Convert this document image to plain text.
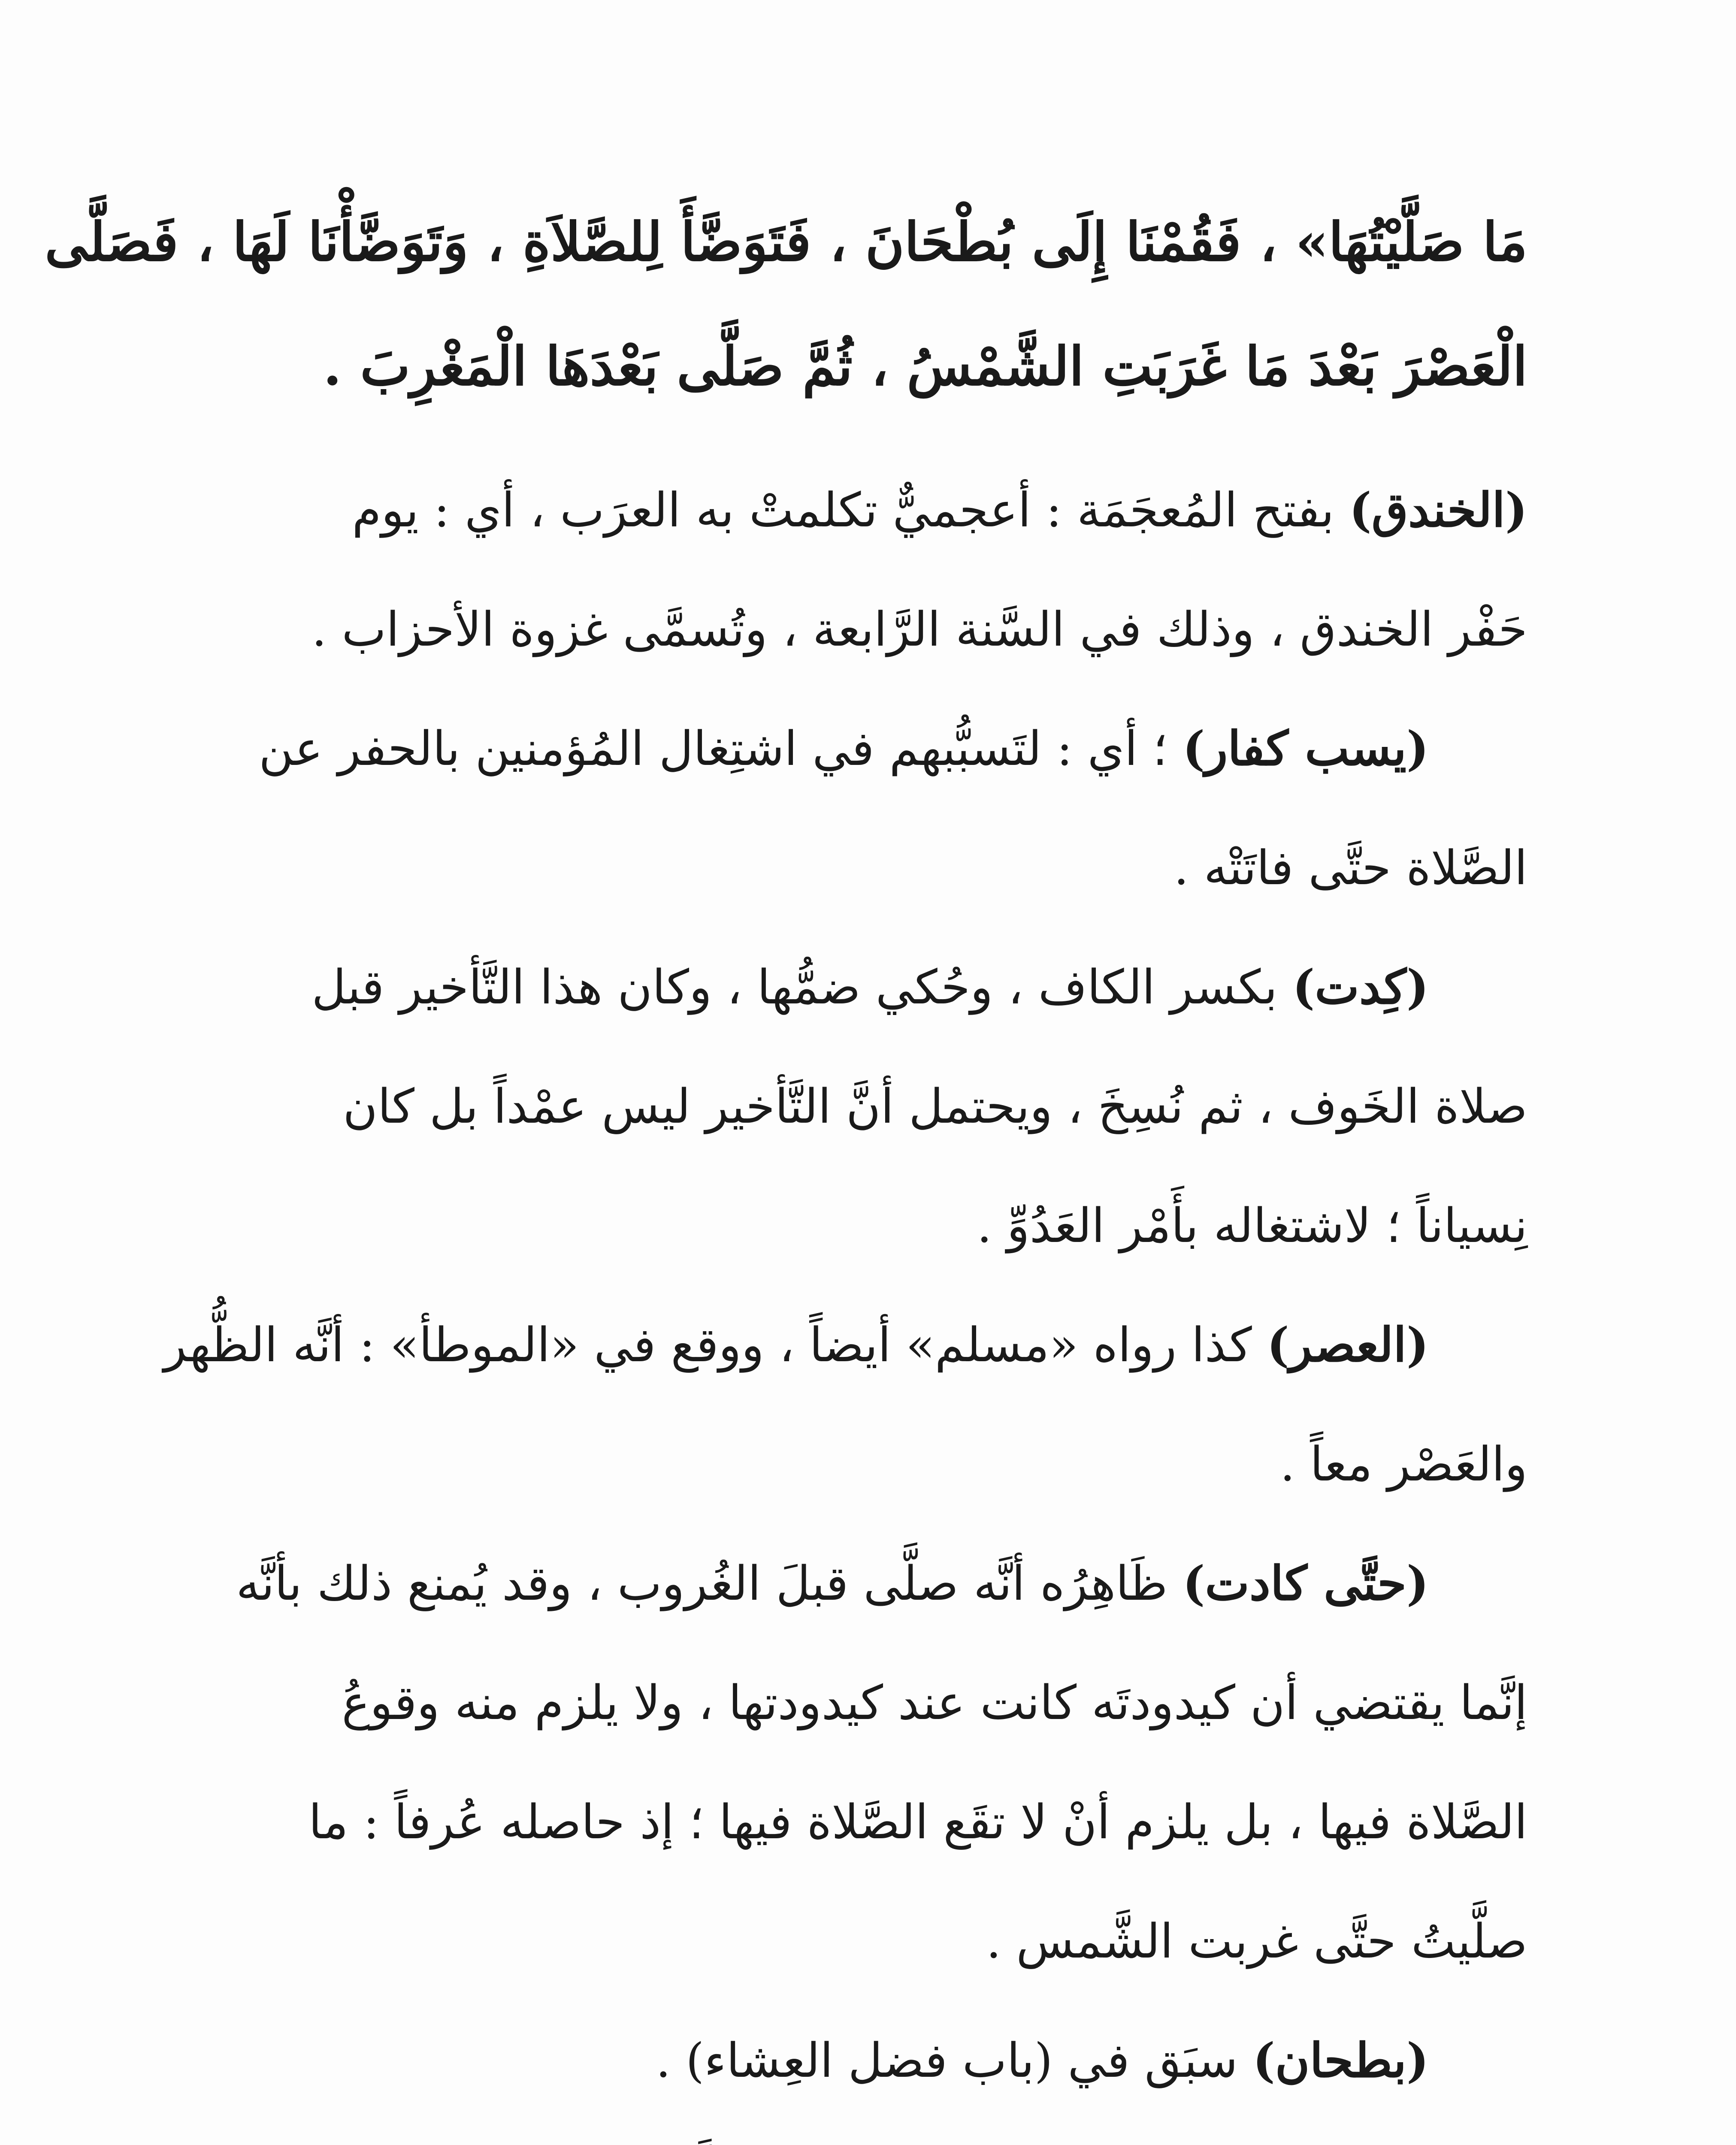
مَا صَلَّيْتُهَا» ، فَقُمْنَا إِلَى بُطْحَانَ ، فَتَوَضَّأَ لِلصَّلاَةِ ، وَتَوَضَّأْنَا لَهَا ، فَصَلَّى
الْعَصْرَ بَعْدَ مَا غَرَبَتِ الشَّمْسُ ، ثُمَّ صَلَّى بَعْدَهَا الْمَغْرِبَ .
(الخندق) بفتح المُعجَمَة : أعجميٌّ تكلمتْ به العرَب ، أي : يوم
حَفْر الخندق ، وذلك في السَّنة الرَّابعة ، وتُسمَّى غزوة الأحزاب .
(يسب كفار) ؛ أي : لتَسبُّبهم في اشتِغال المُؤمنين بالحفر عن
الصَّلاة حتَّى فاتَتْه .
(كِدت) بكسر الكاف ، وحُكي ضمُّها ، وكان هذا التَّأخير قبل
صلاة الخَوف ، ثم نُسِخَ ، ويحتمل أنَّ التَّأخير ليس عمْداً بل كان
نِسياناً ؛ لاشتغاله بأَمْر العَدُوِّ .
(العصر) كذا رواه «مسلم» أيضاً ، ووقع في «الموطأ» : أنَّه الظُّهر
والعَصْر معاً .
(حتَّى كادت) ظَاهِرُه أنَّه صلَّى قبلَ الغُروب ، وقد يُمنع ذلك بأنَّه
إنَّما يقتضي أن كيدودتَه كانت عند كيدودتها ، ولا يلزم منه وقوعُ
الصَّلاة فيها ، بل يلزم أنْ لا تقَع الصَّلاة فيها ؛ إذ حاصله عُرفاً : ما
صلَّيتُ حتَّى غربت الشَّمس .
(بطحان) سبَق في (باب فضل العِشاء) .
